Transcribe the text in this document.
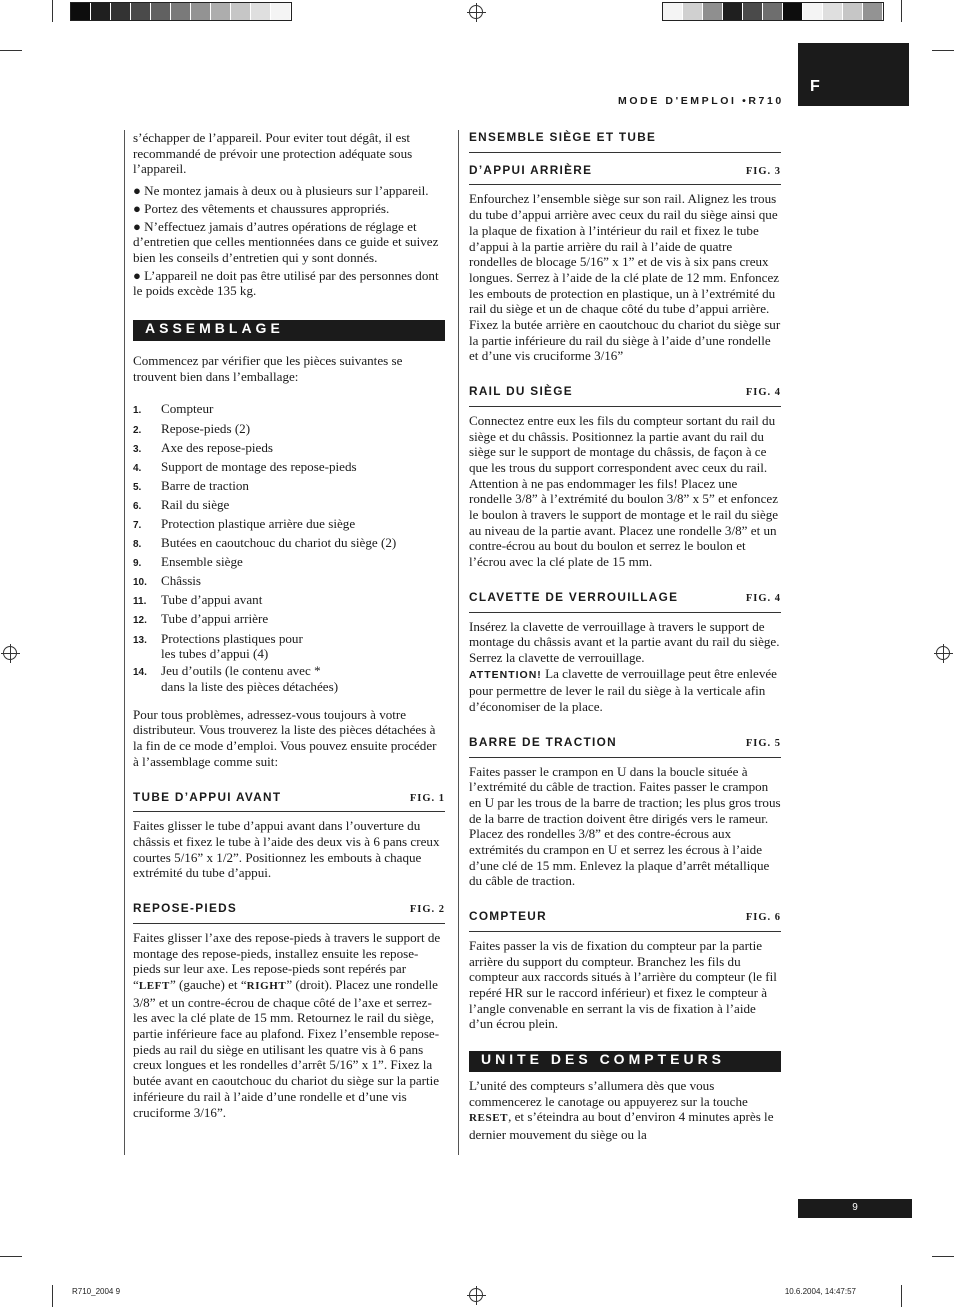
F
MODE D'EMPLOI •R710

s’échapper de l’appareil. Pour eviter tout dégât, il est recommandé de prévoir une protection adéquate sous l’appareil.

● Ne montez jamais à deux ou à plusieurs sur l’appareil.

● Portez des vêtements et chaussures appropriés.

● N’effectuez jamais d’autres opérations de réglage et d’entretien que celles mentionnées dans ce guide et suivez bien les conseils d’entretien qui y sont donnés.

● L’appareil ne doit pas être utilisé par des personnes dont le poids excède 135 kg.

ASSEMBLAGE

Commencez par vérifier que les pièces suivantes se trouvent bien dans l’emballage:

1.	Compteur
2.	Repose-pieds (2)
3.	Axe des repose-pieds
4.	Support de montage des repose-pieds
5.	Barre de traction
6.	Rail du siège
7.	Protection plastique arrière due siège
8.	Butées en caoutchouc du chariot du siège (2)
9.	Ensemble siège
10.	Châssis
11.	Tube d’appui avant
12.	Tube d’appui arrière
13.	Protections plastiques pour
les tubes d’appui (4)
14.	Jeu d’outils (le contenu avec *
dans la liste des pièces détachées)

Pour tous problèmes, adressez-vous toujours à votre distributeur. Vous trouverez la liste des pièces détachées à la fin de ce mode d’emploi. Vous pouvez ensuite procéder à l’assemblage comme suit:

TUBE D’APPUI AVANT	FIG. 1

Faites glisser le tube d’appui avant dans l’ouverture du châssis et fixez le tube à l’aide des deux vis à 6 pans creux courtes 5/16” x 1/2”. Positionnez les embouts à chaque extrémité du tube d’appui.

REPOSE-PIEDS	FIG. 2

Faites glisser l’axe des repose-pieds à travers le support de montage des repose-pieds, installez ensuite les repose-pieds sur leur axe. Les repose-pieds sont repérés par “LEFT” (gauche) et “RIGHT” (droit). Placez une rondelle 3/8” et un contre-écrou de chaque côté de l’axe et serrez-les avec la clé plate de 15 mm. Retournez le rail du siège, partie inférieure face au plafond. Fixez l’ensemble repose-pieds au rail du siège en utilisant les quatre vis à 6 pans creux longues et les rondelles d’arrêt 5/16” x 1”. Fixez la butée avant en caoutchouc du chariot du siège sur la partie inférieure du rail à l’aide d’une rondelle et d’une vis cruciforme 3/16”.

ENSEMBLE SIÈGE ET TUBE
D’APPUI ARRIÈRE	FIG. 3

Enfourchez l’ensemble siège sur son rail. Alignez les trous du tube d’appui arrière avec ceux du rail du siège ainsi que la plaque de fixation à l’intérieur du rail et fixez le tube d’appui à la partie arrière du rail à l’aide de quatre rondelles de blocage 5/16” x 1” et de vis à six pans creux longues. Serrez à l’aide de la clé plate de 12 mm. Enfoncez les embouts de protection en plastique, un à l’extrémité du rail du siège et un de chaque côté du tube d’appui arrière. Fixez la butée arrière en caoutchouc du chariot du siège sur la partie inférieure du rail du siège à l’aide d’une rondelle et d’une vis cruciforme 3/16”

RAIL DU SIÈGE	FIG. 4

Connectez entre eux les fils du compteur sortant du rail du siège et du châssis. Positionnez la partie avant du rail du siège sur le support de montage du châssis, de façon à ce que les trous du support correspondent avec ceux du rail. Attention à ne pas endommager les fils! Placez une rondelle 3/8” à l’extrémité du boulon 3/8” x 5” et enfoncez le boulon à travers le support de montage et le rail du siège au niveau de la partie avant. Placez une rondelle 3/8” et un contre-écrou au bout du boulon et serrez le boulon et l’écrou avec la clé plate de 15 mm.

CLAVETTE DE VERROUILLAGE	FIG. 4

Insérez la clavette de verrouillage à travers le support de montage du châssis avant et la partie avant du rail du siège. Serrez la clavette de verrouillage.

ATTENTION! La clavette de verrouillage peut être enlevée pour permettre de lever le rail du siège à la verticale afin d’économiser de la place.

BARRE DE TRACTION	FIG. 5

Faites passer le crampon en U dans la boucle située à l’extrémité du câble de traction. Faites passer le crampon en U par les trous de la barre de traction; les plus gros trous de la barre de traction doivent être dirigés vers le rameur. Placez des rondelles 3/8” et des contre-écrous aux extrémités du crampon en U et serrez les écrous à l’aide d’une clé de 15 mm. Enlevez la plaque d’arrêt métallique du câble de traction.

COMPTEUR	FIG. 6

Faites passer la vis de fixation du compteur par la partie arrière du support du compteur. Branchez les fils du compteur aux raccords situés à l’arrière du compteur (le fil repéré HR sur le raccord inférieur) et fixez le compteur à l’angle convenable en serrant la vis de fixation à l’aide d’un écrou plein.

UNITE DES COMPTEURS

L’unité des compteurs s’allumera dès que vous commencerez le canotage ou appuyerez sur la touche RESET, et s’éteindra au bout d’environ 4 minutes après le dernier mouvement du siège ou la

9
R710_2004 9	10.6.2004, 14:47:57
